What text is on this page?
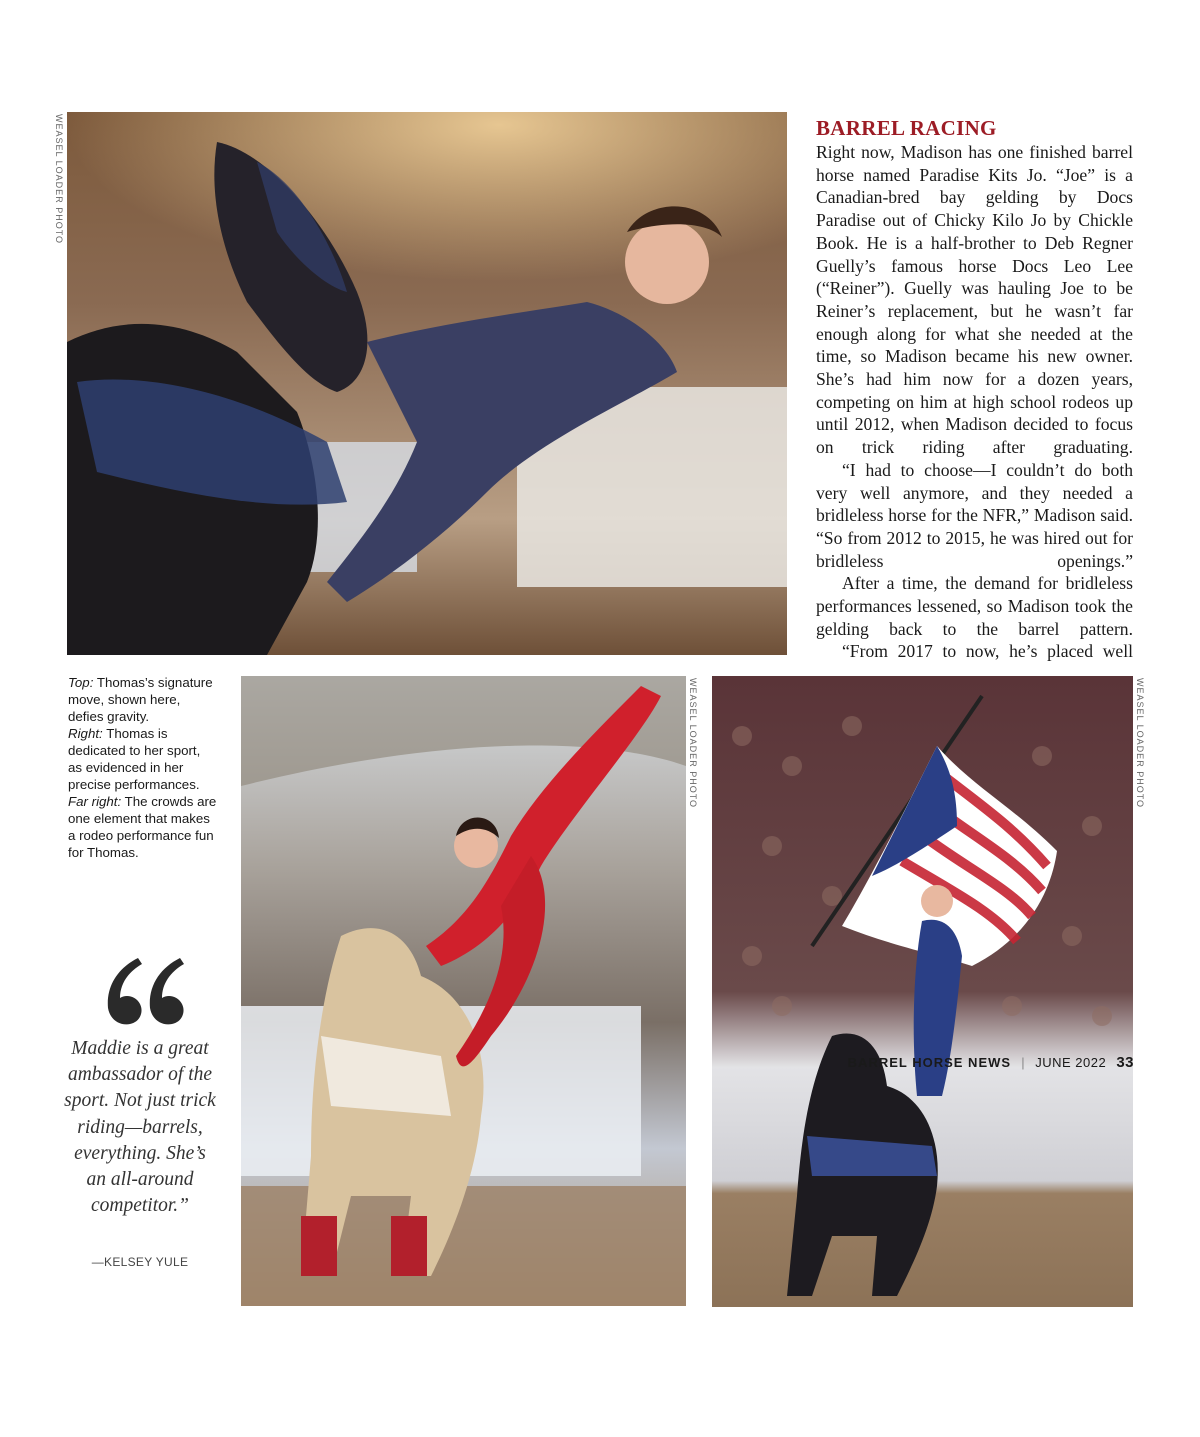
WEASEL LOADER PHOTO
WEASEL LOADER PHOTO	WEASEL LOADER PHOTO
BARREL RACING

Right now, Madison has one finished barrel horse named Paradise Kits Jo. “Joe” is a Canadian-bred bay gelding by Docs Paradise out of Chicky Kilo Jo by Chickle Book. He is a half-brother to Deb Regner Guelly’s famous horse Docs Leo Lee (“Reiner”). Guelly was hauling Joe to be Reiner’s replacement, but he wasn’t far enough along for what she needed at the time, so Madison became his new owner. She’s had him now for a dozen years, competing on him at high school rodeos up until 2012, when Madison decided to focus on trick riding after graduating.

“I had to choose—I couldn’t do both very well anymore, and they needed a bridleless horse for the NFR,” Madison said. “So from 2012 to 2015, he was hired out for bridleless openings.”

After a time, the demand for bridleless performances lessened, so Madison took the gelding back to the barrel pattern.

“From 2017 to now, he’s placed well

Top: Thomas’s signature move, shown here, defies gravity.

Right: Thomas is dedicated to her sport, as evidenced in her precise performances.

Far right: The crowds are one element that makes a rodeo performance fun for Thomas.

Maddie is a great ambassador of the sport. Not just trick riding—barrels, everything. She’s an all-around competitor.”
—KELSEY YULE
BARREL HORSE NEWS | JUNE 2022 33
